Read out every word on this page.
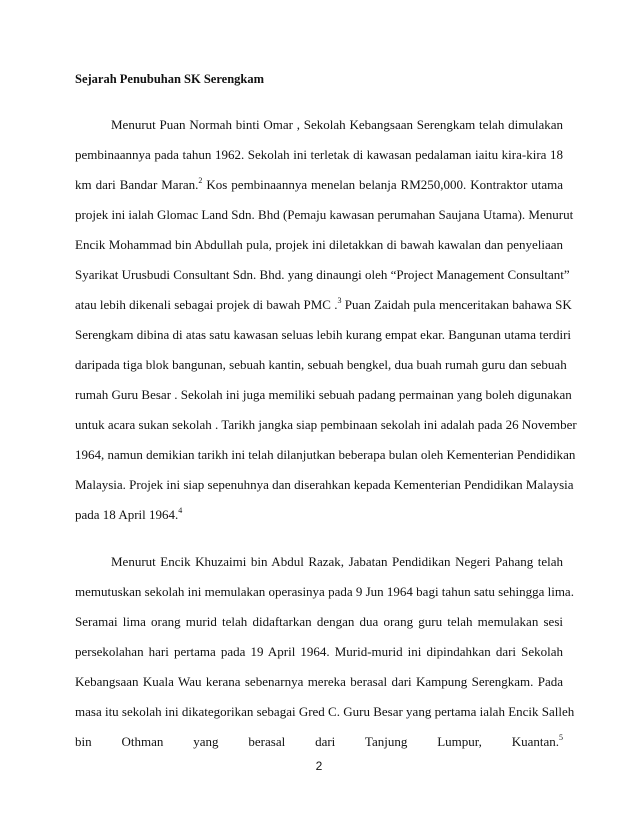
Sejarah Penubuhan SK Serengkam
Menurut Puan Normah binti Omar , Sekolah Kebangsaan Serengkam telah dimulakan
pembinaannya pada tahun 1962. Sekolah ini terletak di kawasan pedalaman iaitu kira-kira 18
km dari Bandar Maran.$^2$ Kos pembinaannya menelan belanja RM250,000. Kontraktor utama
projek ini ialah Glomac Land Sdn. Bhd (Pemaju kawasan perumahan Saujana Utama). Menurut
Encik Mohammad bin Abdullah pula, projek ini diletakkan di bawah kawalan dan penyeliaan
Syarikat Urusbudi Consultant Sdn. Bhd. yang dinaungi oleh “Project Management Consultant”
atau lebih dikenali sebagai projek di bawah PMC .$^3$ Puan Zaidah pula menceritakan bahawa SK
Serengkam dibina di atas satu kawasan seluas lebih kurang empat ekar. Bangunan utama terdiri
daripada tiga blok bangunan, sebuah kantin, sebuah bengkel, dua buah rumah guru dan sebuah
rumah Guru Besar . Sekolah ini juga memiliki sebuah padang permainan yang boleh digunakan
untuk acara sukan sekolah . Tarikh jangka siap pembinaan sekolah ini adalah pada 26 November
1964, namun demikian tarikh ini telah dilanjutkan beberapa bulan oleh Kementerian Pendidikan
Malaysia. Projek ini siap sepenuhnya dan diserahkan kepada Kementerian Pendidikan Malaysia
pada 18 April 1964.$^4$
Menurut Encik Khuzaimi bin Abdul Razak, Jabatan Pendidikan Negeri Pahang telah
memutuskan sekolah ini memulakan operasinya pada 9 Jun 1964 bagi tahun satu sehingga lima.
Seramai lima orang murid telah didaftarkan dengan dua orang guru telah memulakan sesi
persekolahan hari pertama pada 19 April 1964. Murid-murid ini dipindahkan dari Sekolah
Kebangsaan Kuala Wau kerana sebenarnya mereka berasal dari Kampung Serengkam. Pada
masa itu sekolah ini dikategorikan sebagai Gred C. Guru Besar yang pertama ialah Encik Salleh
bin Othman yang berasal dari Tanjung Lumpur, Kuantan.$^5$
2
